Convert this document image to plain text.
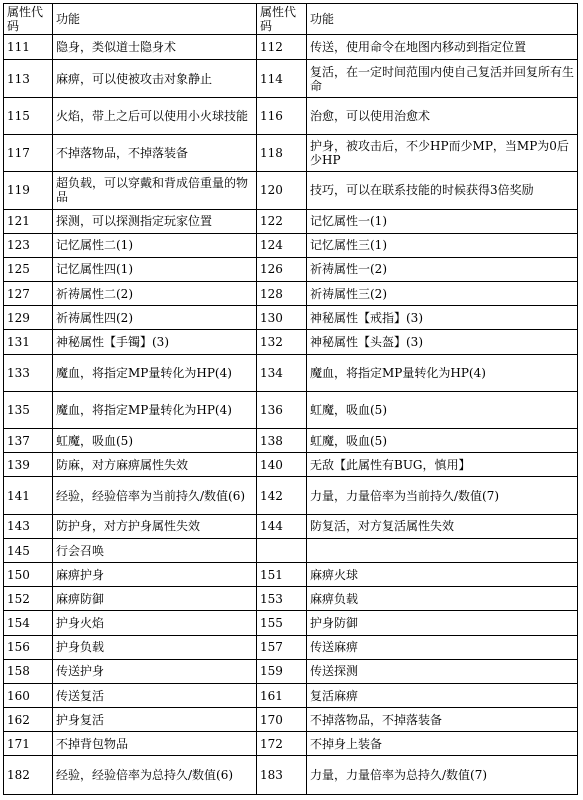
属性代码	功能	属性代码	功能
111	隐身，类似道士隐身术	112	传送，使用命令在地图内移动到指定位置
113	麻痹，可以使被攻击对象静止	114	复活，在一定时间范围内使自己复活并回复所有生命
115	火焰，带上之后可以使用小火球技能	116	治愈，可以使用治愈术
117	不掉落物品，不掉落装备	118	护身，被攻击后，不少HP而少MP，当MP为0后少HP
119	超负载，可以穿戴和背成倍重量的物品	120	技巧，可以在联系技能的时候获得3倍奖励
121	探测，可以探测指定玩家位置	122	记忆属性一(1)
123	记忆属性二(1)	124	记忆属性三(1)
125	记忆属性四(1)	126	祈祷属性一(2)
127	祈祷属性二(2)	128	祈祷属性三(2)
129	祈祷属性四(2)	130	神秘属性【戒指】(3)
131	神秘属性【手镯】(3)	132	神秘属性【头盔】(3)
133	魔血，将指定MP量转化为HP(4)	134	魔血，将指定MP量转化为HP(4)
135	魔血，将指定MP量转化为HP(4)	136	虹魔，吸血(5)
137	虹魔，吸血(5)	138	虹魔，吸血(5)
139	防麻，对方麻痹属性失效	140	无敌【此属性有BUG，慎用】
141	经验，经验倍率为当前持久/数值(6)	142	力量，力量倍率为当前持久/数值(7)
143	防护身，对方护身属性失效	144	防复活，对方复活属性失效
145	行会召唤		
150	麻痹护身	151	麻痹火球
152	麻痹防御	153	麻痹负载
154	护身火焰	155	护身防御
156	护身负载	157	传送麻痹
158	传送护身	159	传送探测
160	传送复活	161	复活麻痹
162	护身复活	170	不掉落物品，不掉落装备
171	不掉背包物品	172	不掉身上装备
182	经验，经验倍率为总持久/数值(6)	183	力量，力量倍率为总持久/数值(7)
